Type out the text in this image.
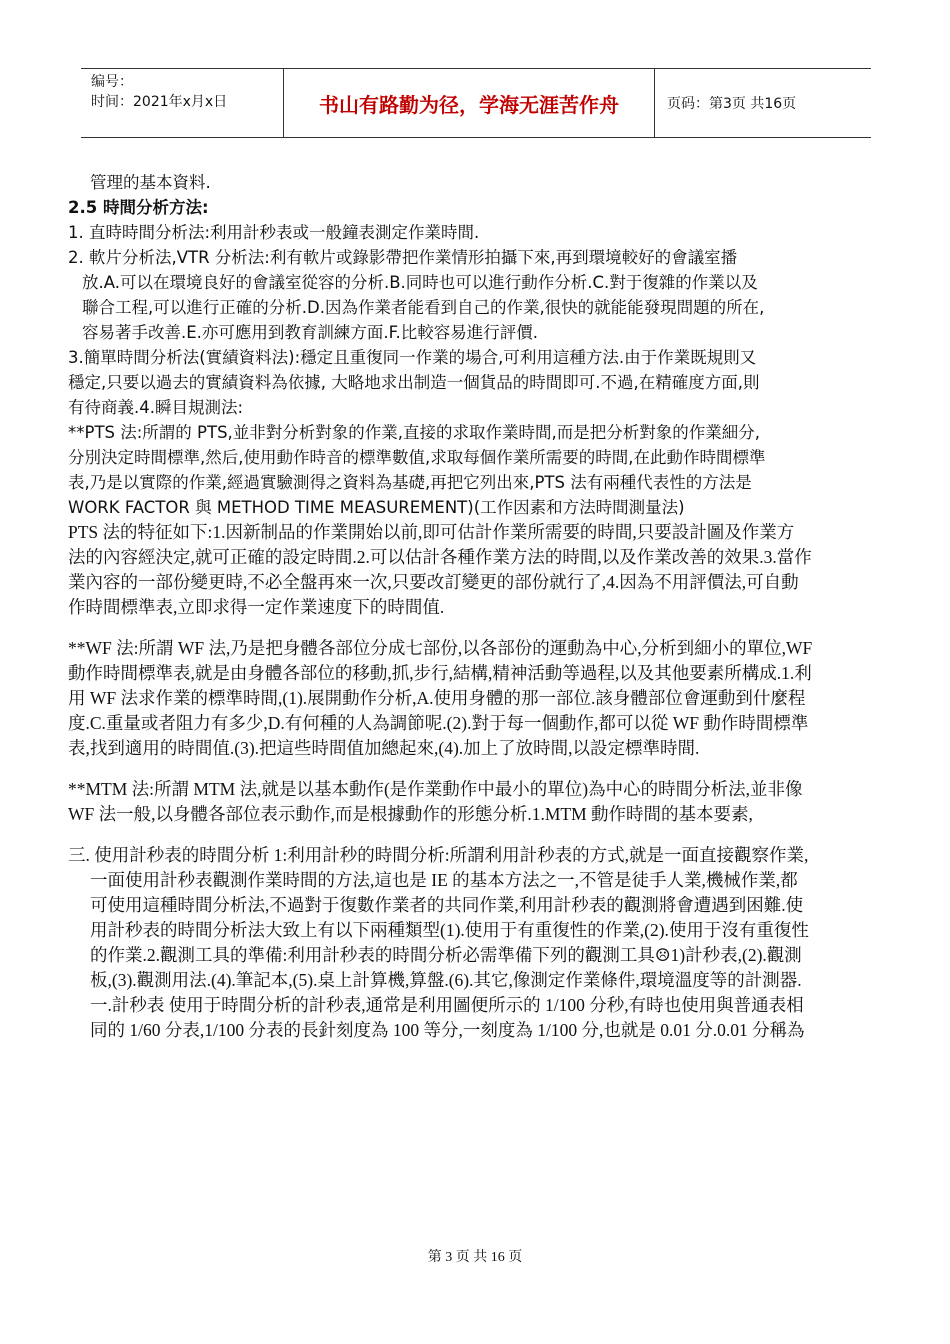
编号：
时间：2021年x月x日	书山有路勤为径，学海无涯苦作舟	页码：第3页 共16页

管理的基本資料.

2.5 時間分析方法:

1. 直時時間分析法:利用計秒表或一般鐘表測定作業時間.

2. 軟片分析法,VTR 分析法:利有軟片或錄影帶把作業情形拍攝下來,再到環境較好的會議室播

放.A.可以在環境良好的會議室從容的分析.B.同時也可以進行動作分析.C.對于復雜的作業以及

聯合工程,可以進行正確的分析.D.因為作業者能看到自己的作業,很快的就能能發現問題的所在,

容易著手改善.E.亦可應用到教育訓練方面.F.比較容易進行評價.

3.簡單時間分析法(實績資料法):穩定且重復同一作業的場合,可利用這種方法.由于作業既規則又

穩定,只要以過去的實績資料為依據, 大略地求出制造一個貨品的時間即可.不過,在精確度方面,則

有待商義.4.瞬目規測法:

**PTS 法:所謂的 PTS,並非對分析對象的作業,直接的求取作業時間,而是把分析對象的作業細分,

分別決定時間標準,然后,使用動作時音的標準數值,求取每個作業所需要的時間,在此動作時間標準

表,乃是以實際的作業,經過實驗測得之資料為基礎,再把它列出來,PTS 法有兩種代表性的方法是

WORK FACTOR 與 METHOD TIME MEASUREMENT)(工作因素和方法時間測量法)

PTS 法的特征如下:1.因新制品的作業開始以前,即可估計作業所需要的時間,只要設計圖及作業方

法的內容經決定,就可正確的設定時間.2.可以估計各種作業方法的時間,以及作業改善的效果.3.當作

業內容的一部份變更時,不必全盤再來一次,只要改訂變更的部份就行了,4.因為不用評價法,可自動

作時間標準表,立即求得一定作業速度下的時間值.

**WF 法:所謂 WF 法,乃是把身體各部位分成七部份,以各部份的運動為中心,分析到細小的單位,WF

動作時間標準表,就是由身體各部位的移動,抓,步行,結構,精神活動等過程,以及其他要素所構成.1.利

用 WF 法求作業的標準時間,(1).展開動作分析,A.使用身體的那一部位.該身體部位會運動到什麼程

度.C.重量或者阻力有多少,D.有何種的人為調節呢.(2).對于每一個動作,都可以從 WF 動作時間標準

表,找到適用的時間值.(3).把這些時間值加總起來,(4).加上了放時間,以設定標準時間.

**MTM 法:所謂 MTM 法,就是以基本動作(是作業動作中最小的單位)為中心的時間分析法,並非像

WF 法一般,以身體各部位表示動作,而是根據動作的形態分析.1.MTM 動作時間的基本要素,

三. 使用計秒表的時間分析 1:利用計秒的時間分析:所謂利用計秒表的方式,就是一面直接觀察作業,

一面使用計秒表觀測作業時間的方法,這也是 IE 的基本方法之一,不管是徒手人業,機械作業,都

可使用這種時間分析法,不過對于復數作業者的共同作業,利用計秒表的觀測將會遭遇到困難.使

用計秒表的時間分析法大致上有以下兩種類型(1).使用于有重復性的作業,(2).使用于沒有重復性

的作業.2.觀測工具的準備:利用計秒表的時間分析必需準備下列的觀測工具☹1)計秒表,(2).觀測

板,(3).觀測用法.(4).筆記本,(5).桌上計算機,算盤.(6).其它,像測定作業條件,環境溫度等的計測器.

一.計秒表 使用于時間分析的計秒表,通常是利用圖便所示的 1/100 分秒,有時也使用與普通表相

同的 1/60 分表,1/100 分表的長針刻度為 100 等分,一刻度為 1/100 分,也就是 0.01 分.0.01 分稱為

第 3 页 共 16 页
